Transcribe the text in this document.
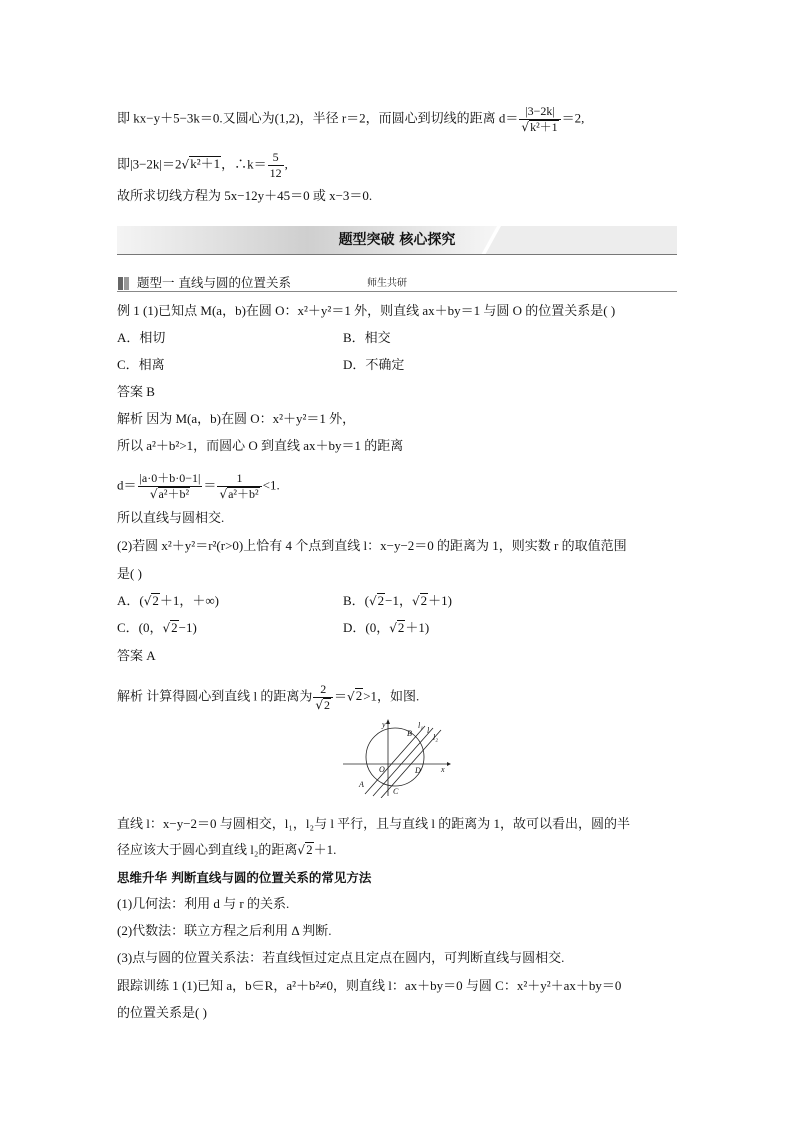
即 kx−y＋5−3k＝0.又圆心为(1,2)，半径 r＝2，而圆心到切线的距离 $d= \frac{|3-2k|}{\text{√k²＋1}} =2$,
即|3−2k|＝2√k²＋1，∴k＝ $\frac{5}{12}$ ,
故所求切线方程为 5x−12y＋45＝0 或 x−3＝0.
题型突破 核心探究
题型一 直线与圆的位置关系	师生共研
例 1 (1)已知点 M(a，b)在圆 O：x²＋y²＝1 外，则直线 ax＋by＝1 与圆 O 的位置关系是( )
A．相切	B．相交
C．相离	D．不确定
答案 B
解析 因为 M(a，b)在圆 O：x²＋y²＝1 外，
所以 a²＋b²>1，而圆心 O 到直线 ax＋by＝1 的距离
$d= \frac{|a\cdot 0+b\cdot 0-1|}{\text{√a²＋b²}} = \frac{1}{\text{√a²＋b²}} <1$.
所以直线与圆相交.
(2)若圆 x²＋y²＝r²(r>0)上恰有 4 个点到直线 l：x−y−2＝0 的距离为 1，则实数 r 的取值范围
是( )
A．(√2＋1，＋∞)	B．(√2−1，√2＋1)
C．(0，√2−1)	D．(0，√2＋1)
答案 A
解析 计算得圆心到直线 l 的距离为 $\frac{2}{√2} =√2>1$，如图.
y
x
O	D
A
B
C
l₁
l
l₂
直线 l：x−y−2＝0 与圆相交，l₁，l₂与 l 平行，且与直线 l 的距离为 1，故可以看出，圆的半
径应该大于圆心到直线 l₂的距离√2＋1.
思维升华 判断直线与圆的位置关系的常见方法
(1)几何法：利用 d 与 r 的关系.
(2)代数法：联立方程之后利用 Δ 判断.
(3)点与圆的位置关系法：若直线恒过定点且定点在圆内，可判断直线与圆相交.
跟踪训练 1 (1)已知 a，b∈R，a²＋b²≠0，则直线 l：ax＋by＝0 与圆 C：x²＋y²＋ax＋by＝0
的位置关系是( )
